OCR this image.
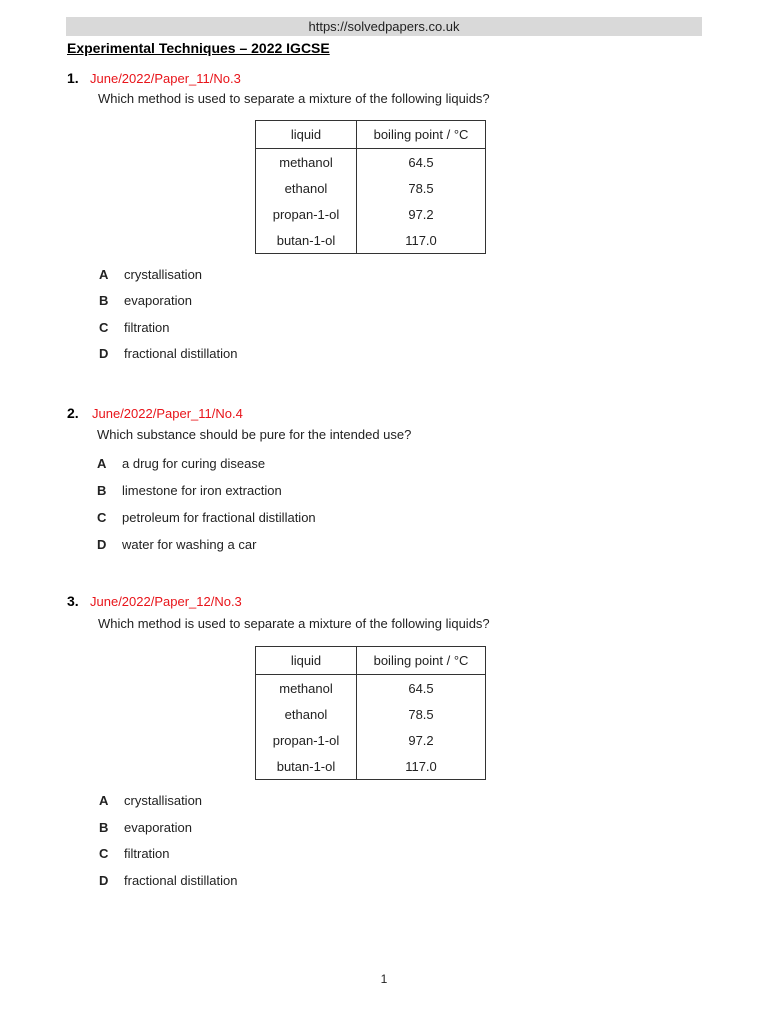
https://solvedpapers.co.uk
Experimental Techniques – 2022 IGCSE
1. June/2022/Paper_11/No.3
Which method is used to separate a mixture of the following liquids?
liquid	boiling point / °C
methanol	64.5
ethanol	78.5
propan-1-ol	97.2
butan-1-ol	117.0
A crystallisation
B evaporation
C filtration
D fractional distillation
2. June/2022/Paper_11/No.4
Which substance should be pure for the intended use?
A a drug for curing disease
B limestone for iron extraction
C petroleum for fractional distillation
D water for washing a car
3. June/2022/Paper_12/No.3
Which method is used to separate a mixture of the following liquids?
liquid	boiling point / °C
methanol	64.5
ethanol	78.5
propan-1-ol	97.2
butan-1-ol	117.0
A crystallisation
B evaporation
C filtration
D fractional distillation
1
